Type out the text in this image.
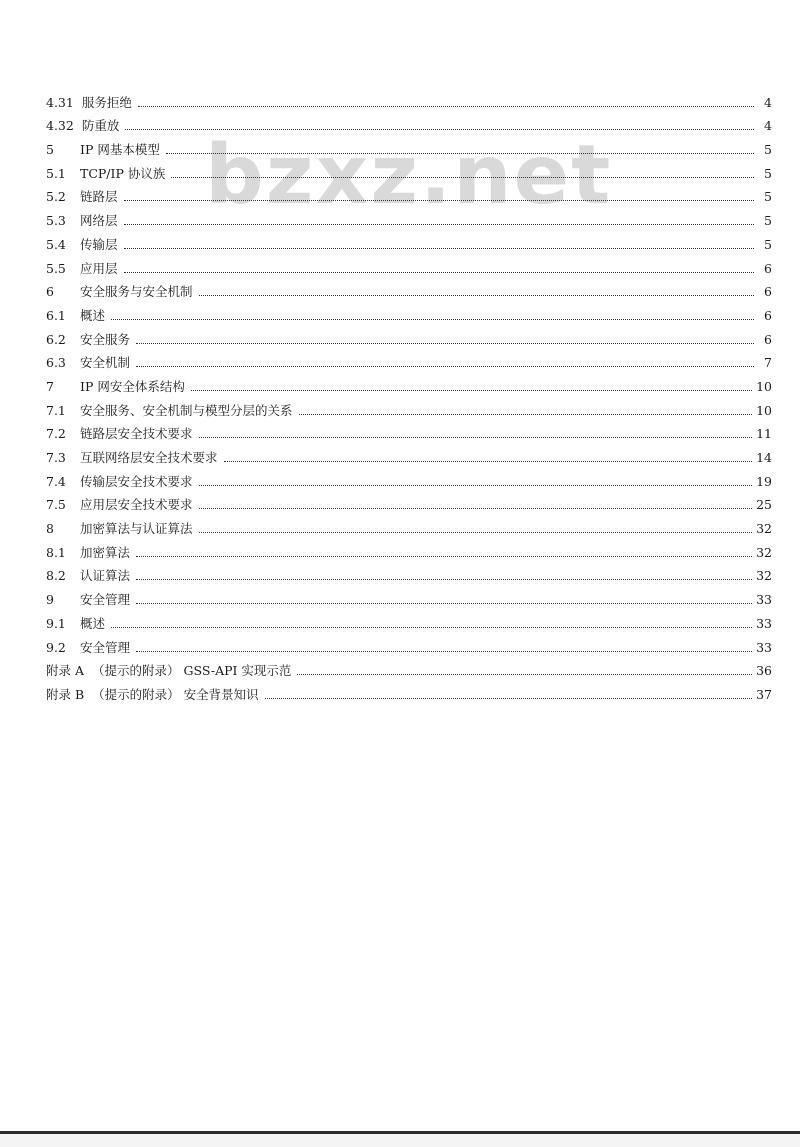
bzxz.net
4.31 服务拒绝	4
4.32 防重放	4
5	IP 网基本模型	5
5.1	TCP/IP 协议族	5
5.2	链路层	5
5.3	网络层	5
5.4	传输层	5
5.5	应用层	6
6	安全服务与安全机制	6
6.1	概述	6
6.2	安全服务	6
6.3	安全机制	7
7	IP 网安全体系结构	10
7.1	安全服务、安全机制与模型分层的关系	10
7.2	链路层安全技术要求	11
7.3	互联网络层安全技术要求	14
7.4	传输层安全技术要求	19
7.5	应用层安全技术要求	25
8	加密算法与认证算法	32
8.1	加密算法	32
8.2	认证算法	32
9	安全管理	33
9.1	概述	33
9.2	安全管理	33
附录 A （提示的附录） GSS-API 实现示范	36
附录 B （提示的附录） 安全背景知识	37
